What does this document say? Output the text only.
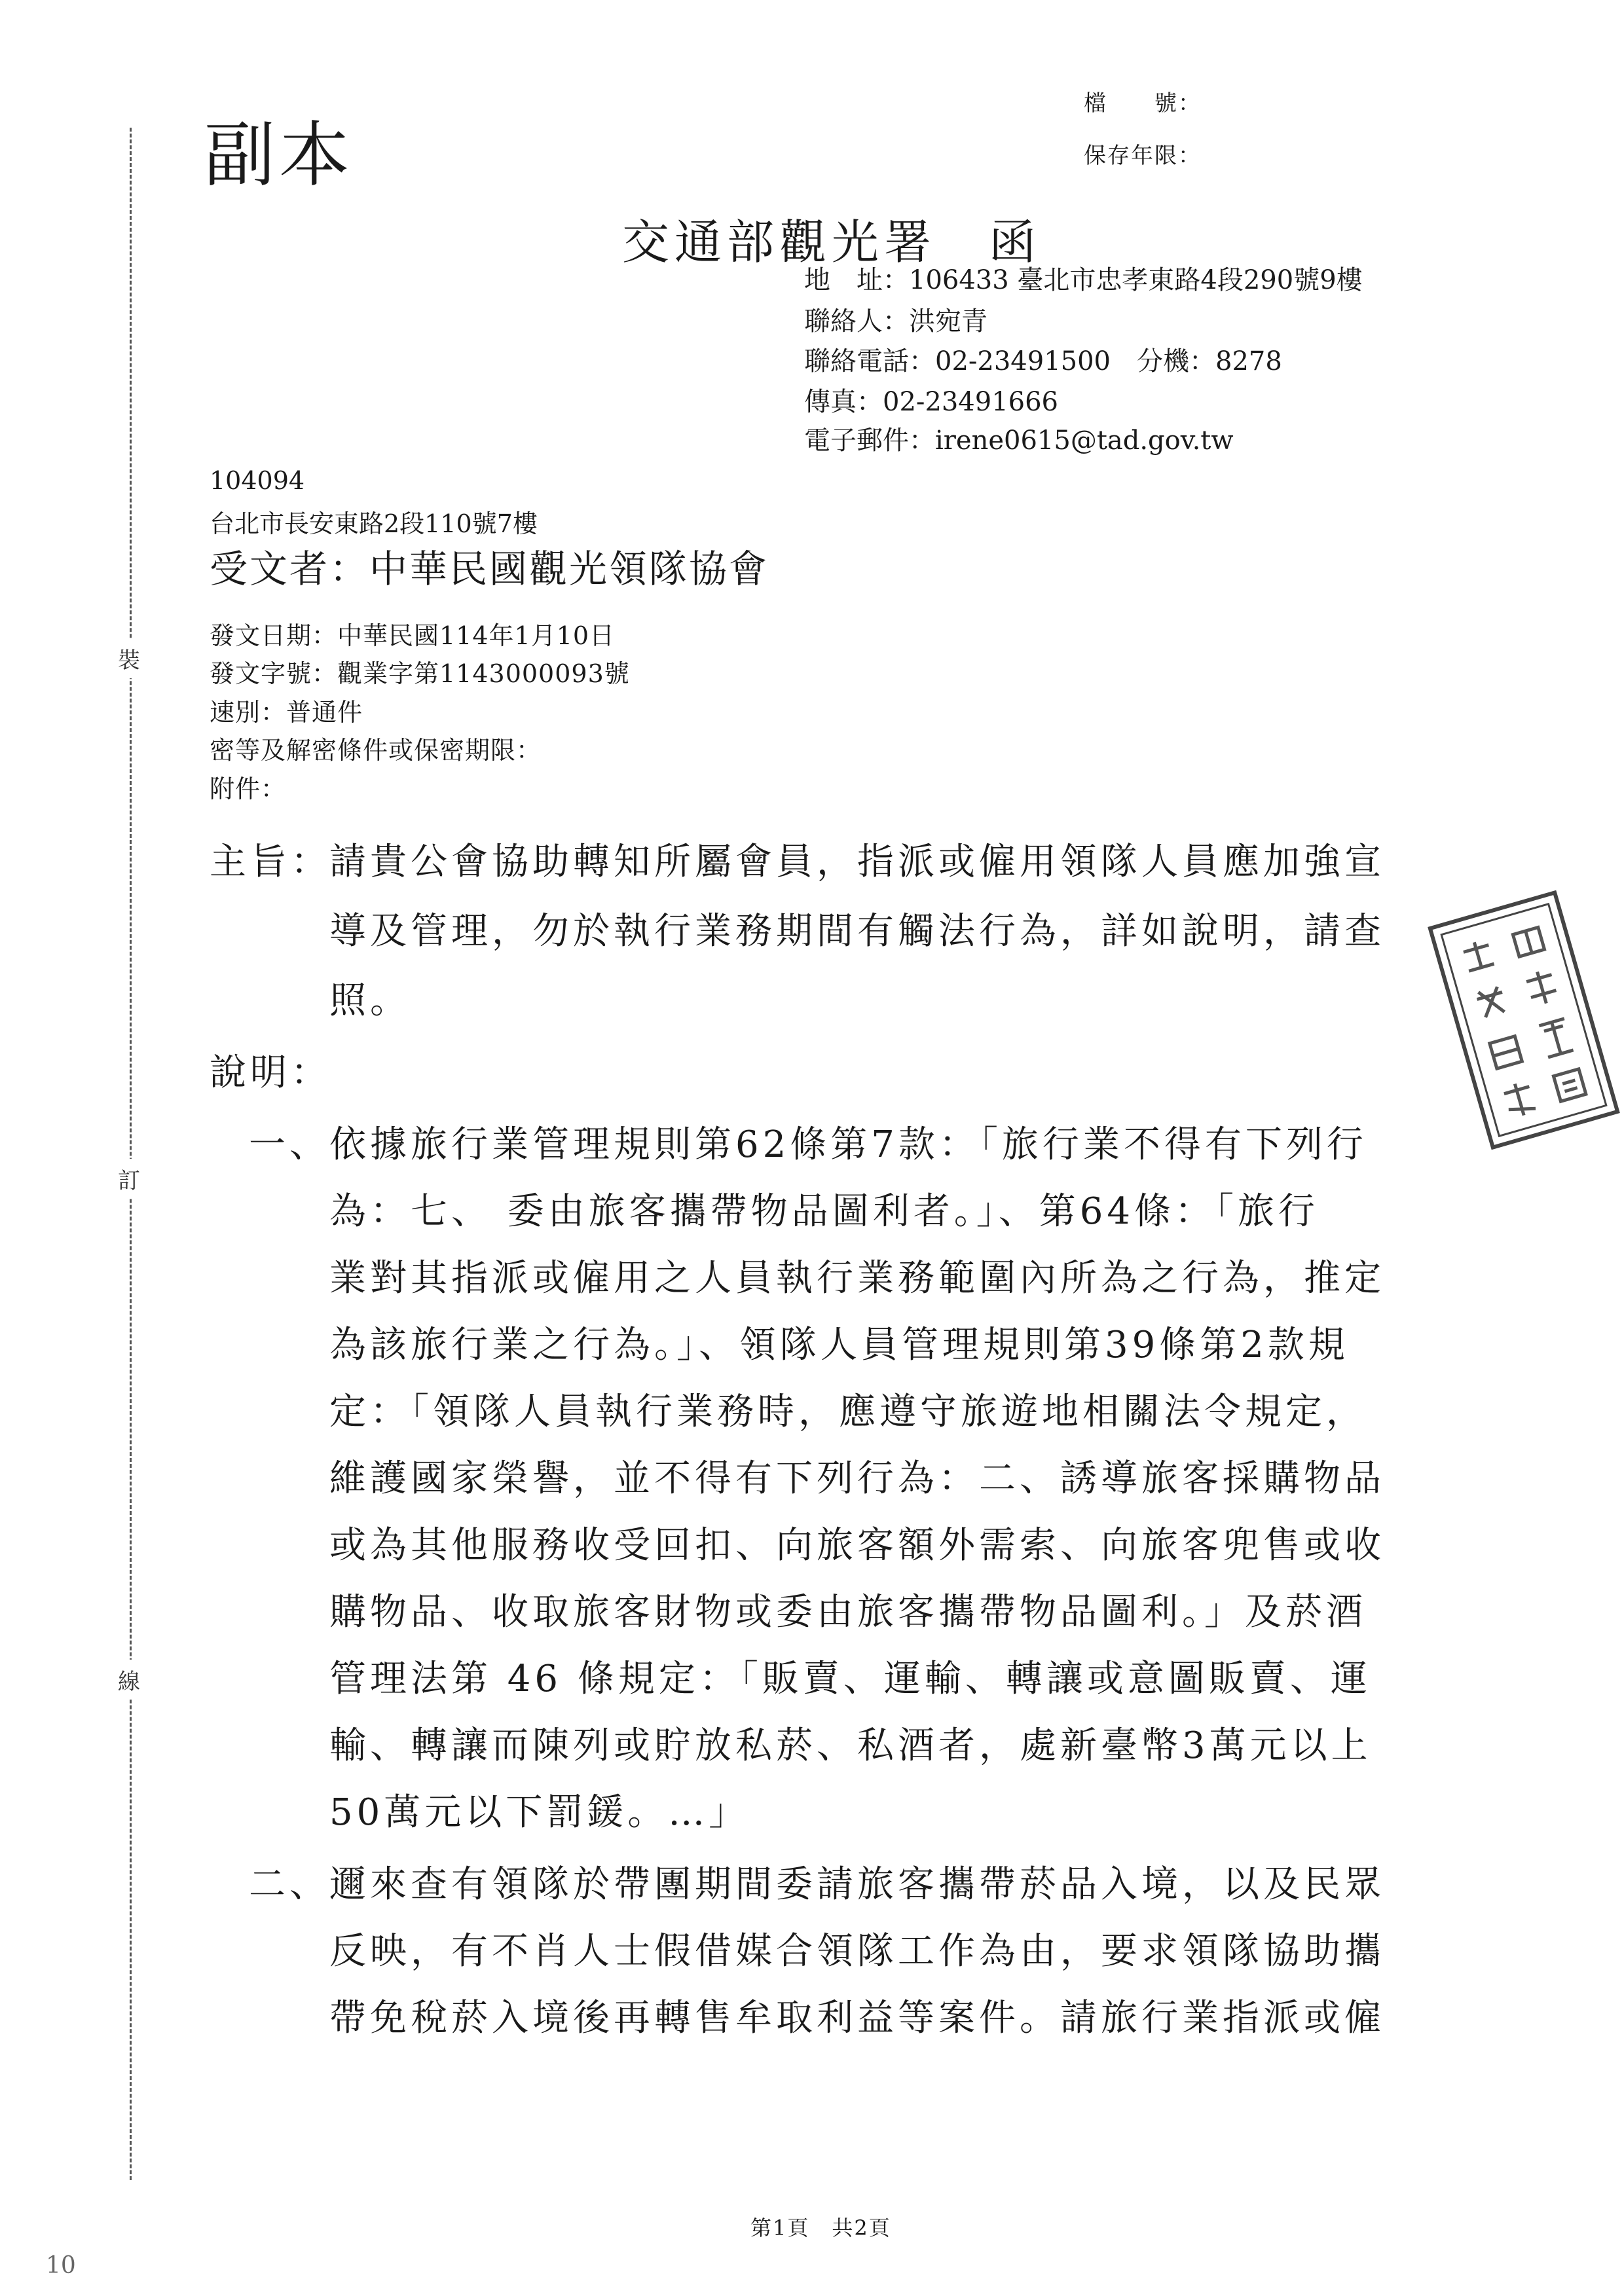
副本
檔　　號：
保存年限：
交通部觀光署　函
地　址：106433 臺北市忠孝東路4段290號9樓
聯絡人：洪宛青
聯絡電話：02-23491500　分機：8278
傳真：02-23491666
電子郵件：irene0615@tad.gov.tw
104094
台北市長安東路2段110號7樓
受文者：中華民國觀光領隊協會
發文日期：中華民國114年1月10日
發文字號：觀業字第1143000093號
速別：普通件
密等及解密條件或保密期限：
附件：
主旨：
請貴公會協助轉知所屬會員，指派或僱用領隊人員應加強宣
導及管理，勿於執行業務期間有觸法行為，詳如說明，請查
照。
說明：
一、 依據旅行業管理規則第62條第7款：「旅行業不得有下列行
為：七、 委由旅客攜帶物品圖利者。」、第64條：「旅行
業對其指派或僱用之人員執行業務範圍內所為之行為，推定
為該旅行業之行為。」、領隊人員管理規則第39條第2款規
定：「領隊人員執行業務時，應遵守旅遊地相關法令規定，
維護國家榮譽，並不得有下列行為：二、誘導旅客採購物品
或為其他服務收受回扣、向旅客額外需索、向旅客兜售或收
購物品、收取旅客財物或委由旅客攜帶物品圖利。」及菸酒
管理法第 46 條規定：「販賣、運輸、轉讓或意圖販賣、運
輸、轉讓而陳列或貯放私菸、私酒者，處新臺幣3萬元以上
50萬元以下罰鍰。…」
二、 邇來查有領隊於帶團期間委請旅客攜帶菸品入境，以及民眾
反映，有不肖人士假借媒合領隊工作為由，要求領隊協助攜
帶免稅菸入境後再轉售牟取利益等案件。請旅行業指派或僱
裝
訂
線
第1頁　共2頁
10
